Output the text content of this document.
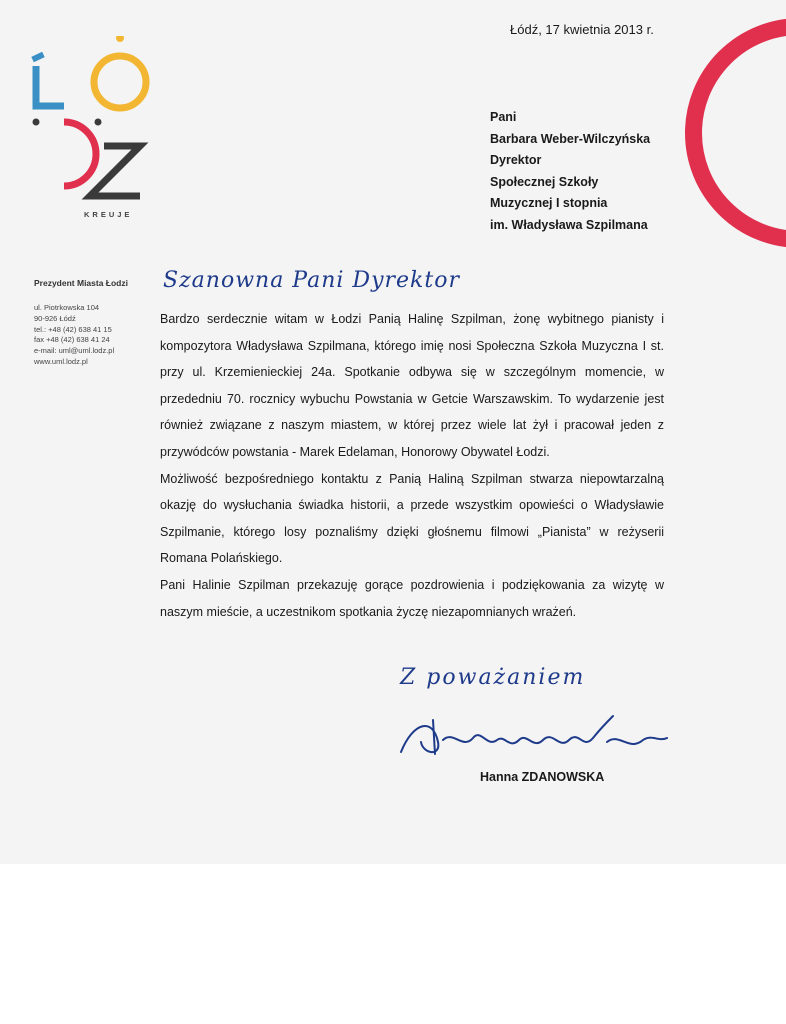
KREUJE
Prezydent Miasta Łodzi
ul. Piotrkowska 104
90-926 Łódź
tel.: +48 (42) 638 41 15
fax +48 (42) 638 41 24
e-mail: uml@uml.lodz.pl
www.uml.lodz.pl
Łódź, 17 kwietnia 2013 r.
Pani
Barbara Weber-Wilczyńska
Dyrektor
Społecznej Szkoły
Muzycznej I stopnia
im. Władysława Szpilmana
Szanowna Pani Dyrektor

Bardzo serdecznie witam w Łodzi Panią Halinę Szpilman, żonę wybitnego pianisty i kompozytora Władysława Szpilmana, którego imię nosi Społeczna Szkoła Muzyczna I st. przy ul. Krzemienieckiej 24a. Spotkanie odbywa się w szczególnym momencie, w przededniu 70. rocznicy wybuchu Powstania w Getcie Warszawskim. To wydarzenie jest również związane z naszym miastem, w której przez wiele lat żył i pracował jeden z przywódców powstania - Marek Edelaman, Honorowy Obywatel Łodzi.

Możliwość bezpośredniego kontaktu z Panią Haliną Szpilman stwarza niepowtarzalną okazję do wysłuchania świadka historii, a przede wszystkim opowieści o Władysławie Szpilmanie, którego losy poznaliśmy dzięki głośnemu filmowi „Pianista” w reżyserii Romana Polańskiego.

Pani Halinie Szpilman przekazuję gorące pozdrowienia i podziękowania za wizytę w naszym mieście, a uczestnikom spotkania życzę niezapomnianych wrażeń.

Z poważaniem
Hanna ZDANOWSKA
